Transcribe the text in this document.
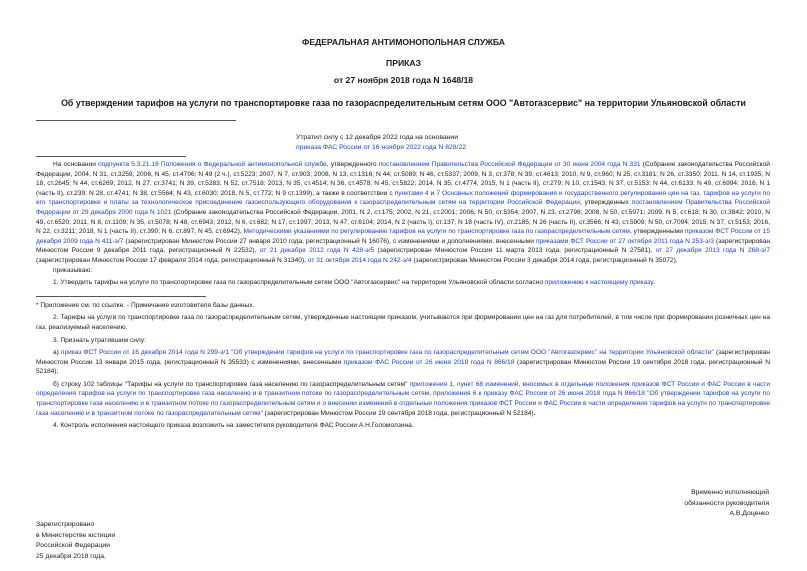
ФЕДЕРАЛЬНАЯ АНТИМОНОПОЛЬНАЯ СЛУЖБА
ПРИКАЗ
от 27 ноября 2018 года N 1648/18
Об утверждении тарифов на услуги по транспортировке газа по газораспределительным сетям ООО "Автогазсервис" на территории Ульяновской области
Утратил силу с 12 декабря 2022 года на основании
приказа ФАС России от 16 ноября 2022 года N 828/22

На основании подпункта 5.3.21.16 Положения о Федеральной антимонопольной службе, утвержденного постановлением Правительства Российской Федерации от 30 июня 2004 года N 331 (Собрание законодательства Российской Федерации, 2004, N 31, ст.3259; 2006, N 45, ст.4706; N 49 (2 ч.), ст.5223; 2007, N 7, ст.903; 2008, N 13, ст.1316; N 44, ст.5089; N 46, ст.5337; 2009, N 3, ст.378; N 39, ст.4613; 2010, N 9, ст.960; N 25, ст.3181; N 26, ст.3350; 2011, N 14, ст.1935; N 18, ст.2645; N 44, ст.6269; 2012, N 27, ст.3741; N 39, ст.5283; N 52, ст.7518; 2013, N 35, ст.4514; N 36, ст.4578; N 45, ст.5822; 2014, N 35, ст.4774; 2015, N 1 (часть II), ст.279; N 10, ст.1543; N 37, ст.5153; N 44, ст.6133; N 49, ст.6994; 2016, N 1 (часть II), ст.239; N 28, ст.4741; N 38, ст.5564; N 43, ст.6030; 2018, N 5, ст.772; N 9 ст.1399), а также в соответствии с пунктами 4 и 7 Основных положений формирования и государственного регулирования цен на газ, тарифов на услуги по его транспортировке и платы за технологическое присоединение газоиспользующего оборудования к газораспределительным сетям на территории Российской Федерации, утвержденных постановлением Правительства Российской Федерации от 29 декабря 2000 года N 1021 (Собрание законодательства Российской Федерации, 2001, N 2, ст.175; 2002, N 21, ст.2001; 2006, N 50, ст.5354; 2007, N 23, ст.2798; 2008, N 50, ст.5971; 2009, N 5, ст.618; N 30, ст.3842; 2010, N 49, ст.6520; 2011, N 8, ст.1109; N 35, ст.5078; N 48, ст.6943; 2012, N 6, ст.682; N 17, ст.1997; 2013, N 47, ст.6104; 2014, N 2 (часть I), ст.137; N 18 (часть IV), ст.2185; N 26 (часть II), ст.3566; N 43, ст.5909; N 50, ст.7094; 2015, N 37, ст.5153; 2016, N 22, ст.3211; 2018, N 1 (часть II), ст.390; N 6, ст.897, N 45, ст.6942), Методическими указаниями по регулированию тарифов на услуги по транспортировке газа по газораспределительным сетям, утвержденными приказом ФСТ России от 15 декабря 2009 года N 411-э/7 (зарегистрирован Минюстом России 27 января 2010 года, регистрационный N 16076), с изменениями и дополнениями, внесенными приказами ФСТ России от 27 октября 2011 года N 253-э/3 (зарегистрирован Минюстом России 9 декабря 2011 года, регистрационный N 22532), от 21 декабря 2012 года N 428-э/5 (зарегистрирован Минюстом России 11 марта 2013 года, регистрационный N 27581), от 27 декабря 2013 года N 268-э/7 (зарегистрирован Минюстом России 17 февраля 2014 года, регистрационный N 31340), от 31 октября 2014 года N 242-э/4 (зарегистрирован Минюстом России 3 декабря 2014 года, регистрационный N 35072),

приказываю:

1. Утвердить тарифы на услуги по транспортировке газа по газораспределительным сетям ООО "Автогазсервис" на территории Ульяновской области согласно приложению к настоящему приказу.

* Приложение см. по ссылке. - Примечание изготовителя базы данных.

2. Тарифы на услуги по транспортировке газа по газораспределительным сетям, утвержденные настоящим приказом, учитываются при формировании цен на газ для потребителей, в том числе при формировании розничных цен на газ, реализуемый населению.

3. Признать утратившим силу:

а) приказ ФСТ России от 16 декабря 2014 года N 299-э/1 "Об утверждении тарифов на услуги по транспортировке газа по газораспределительным сетям ООО "Автогазсервис" на территории Ульяновской области" (зарегистрирован Минюстом России 13 января 2015 года, регистрационный N 35533) с изменениями, внесенными приказом ФАС России от 26 июня 2018 года N 866/18 (зарегистрирован Минюстом России 19 сентября 2018 года, регистрационный N 52184);

б) строку 102 таблицы "Тарифы на услуги по транспортировке газа населению по газораспределительным сетям" приложения 1, пункт 68 изменений, вносимых в отдельные положения приказов ФСТ России и ФАС России в части определения тарифов на услуги по транспортировке газа населению и в транзитном потоке по газораспределительным сетям, приложения 6 к приказу ФАС России от 26 июня 2018 года N 866/18 "Об утверждении тарифов на услуги по транспортировке газа населению и в транзитном потоке по газораспределительным сетям и о внесении изменений в отдельные положения приказов ФСТ России и ФАС России в части определения тарифов на услуги по транспортировке газа населению и в транзитном потоке по газораспределительным сетям" (зарегистрирован Минюстом России 19 сентября 2018 года, регистрационный N 52184).

4. Контроль исполнения настоящего приказа возложить на заместителя руководителя ФАС России А.Н.Голомолзина.

Временно исполняющий
обязанности руководителя
А.В.Доценко
Зарегистрировано
в Министерстве юстиции
Российской Федерации
25 декабря 2018 года,
